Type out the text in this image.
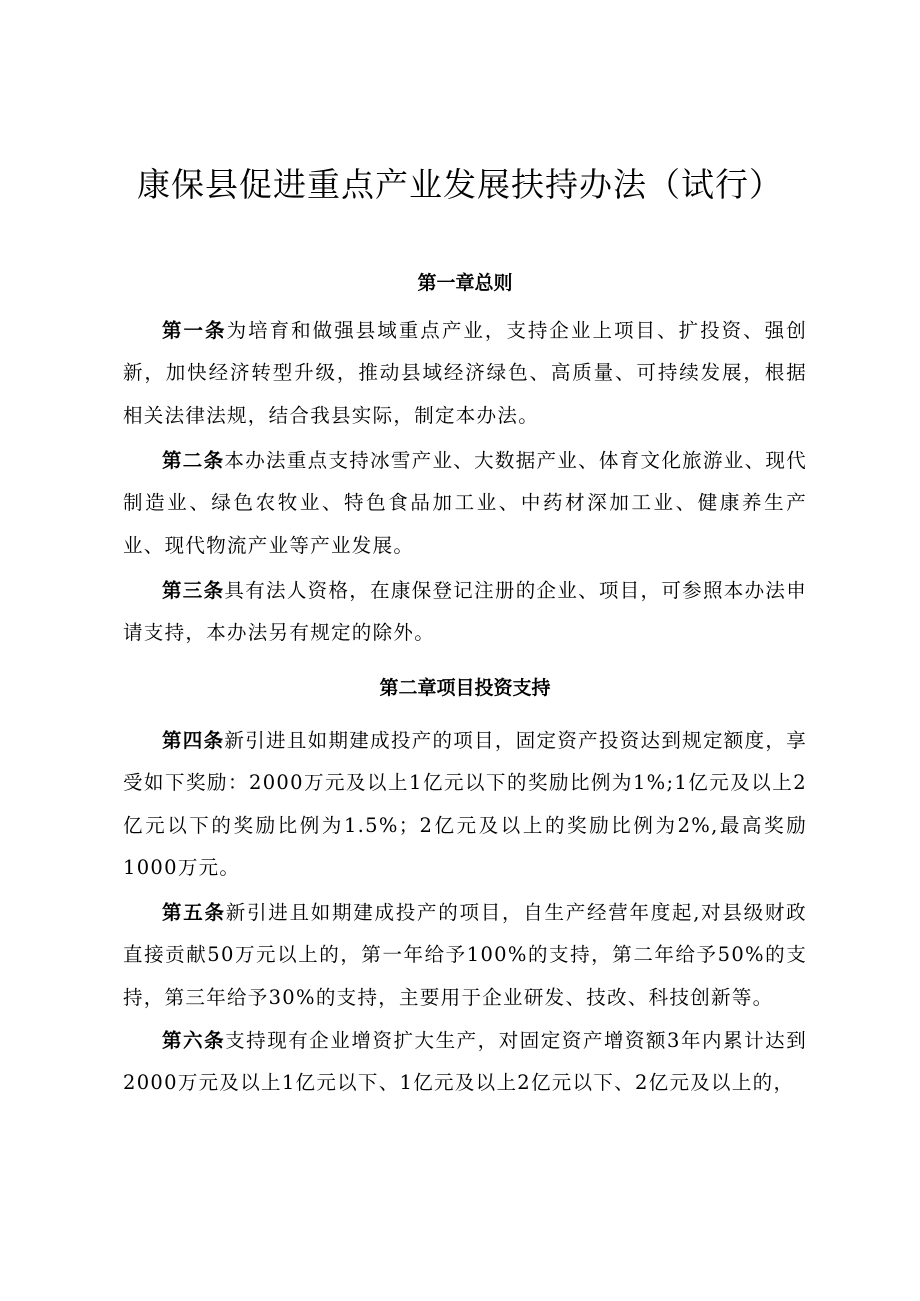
康保县促进重点产业发展扶持办法（试行）
第一章总则

第一条为培育和做强县域重点产业，支持企业上项目、扩投资、强创新，加快经济转型升级，推动县域经济绿色、高质量、可持续发展，根据相关法律法规，结合我县实际，制定本办法。

第二条本办法重点支持冰雪产业、大数据产业、体育文化旅游业、现代制造业、绿色农牧业、特色食品加工业、中药材深加工业、健康养生产业、现代物流产业等产业发展。

第三条具有法人资格，在康保登记注册的企业、项目，可参照本办法申请支持，本办法另有规定的除外。

第二章项目投资支持

第四条新引进且如期建成投产的项目，固定资产投资达到规定额度，享受如下奖励：2000万元及以上1亿元以下的奖励比例为1%;1亿元及以上2亿元以下的奖励比例为1.5%；2亿元及以上的奖励比例为2%,最高奖励1000万元。

第五条新引进且如期建成投产的项目，自生产经营年度起,对县级财政直接贡献50万元以上的，第一年给予100%的支持，第二年给予50%的支持，第三年给予30%的支持，主要用于企业研发、技改、科技创新等。

第六条支持现有企业增资扩大生产，对固定资产增资额3年内累计达到2000万元及以上1亿元以下、1亿元及以上2亿元以下、2亿元及以上的，
